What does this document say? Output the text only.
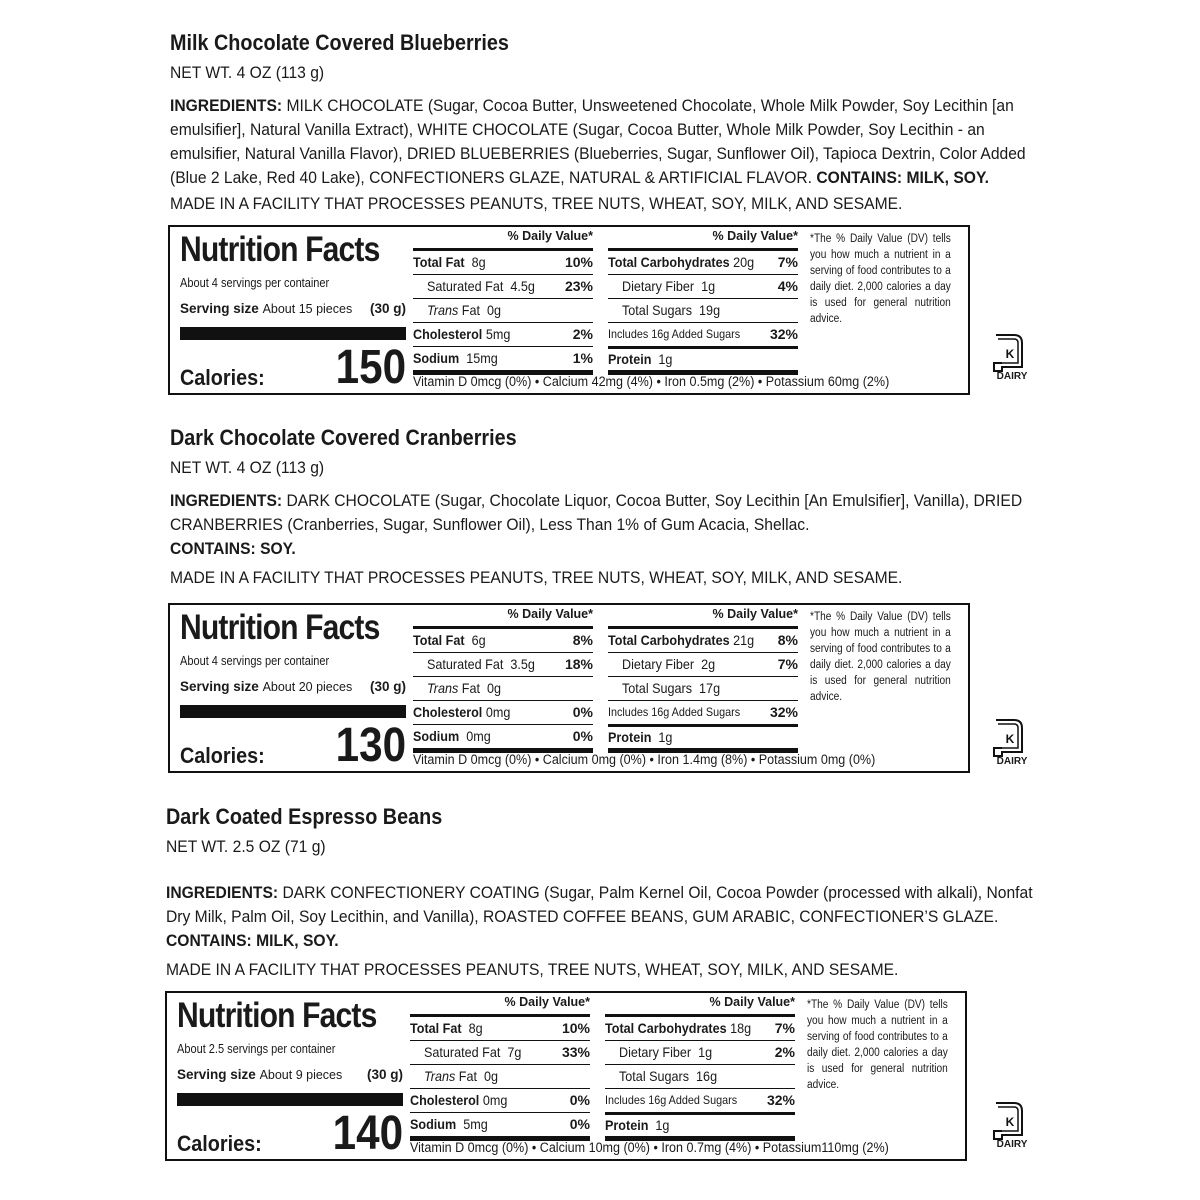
Milk Chocolate Covered Blueberries
NET WT. 4 OZ (113 g)
INGREDIENTS: MILK CHOCOLATE (Sugar, Cocoa Butter, Unsweetened Chocolate, Whole Milk Powder, Soy Lecithin [an emulsifier], Natural Vanilla Extract), WHITE CHOCOLATE (Sugar, Cocoa Butter, Whole Milk Powder, Soy Lecithin - an emulsifier, Natural Vanilla Flavor), DRIED BLUEBERRIES (Blueberries, Sugar, Sunflower Oil), Tapioca Dextrin, Color Added (Blue 2 Lake, Red 40 Lake), CONFECTIONERS GLAZE, NATURAL & ARTIFICIAL FLAVOR. CONTAINS: MILK, SOY.
MADE IN A FACILITY THAT PROCESSES PEANUTS, TREE NUTS, WHEAT, SOY, MILK, AND SESAME.
Nutrition Facts
About 4 servings per container
Serving size About 15 pieces (30 g)
Calories: 150
% Daily Value*
Total Fat 8g	10%
Saturated Fat 4.5g 23%
Trans Fat 0g
Cholesterol 5mg	2%
Sodium 15mg	1%
% Daily Value*
Total Carbohydrates 20g 7%
Dietary Fiber 1g	4%
Total Sugars 19g
Includes 16g Added Sugars 32%
Protein 1g
*The % Daily Value (DV) tells you how much a nutrient in a serving of food contributes to a daily diet. 2,000 calories a day is used for general nutrition advice.
Vitamin D 0mcg (0%) • Calcium 42mg (4%) • Iron 0.5mg (2%) • Potassium 60mg (2%)
K
DAIRY
Dark Chocolate Covered Cranberries
NET WT. 4 OZ (113 g)
INGREDIENTS: DARK CHOCOLATE (Sugar, Chocolate Liquor, Cocoa Butter, Soy Lecithin [An Emulsifier], Vanilla), DRIED CRANBERRIES (Cranberries, Sugar, Sunflower Oil), Less Than 1% of Gum Acacia, Shellac.
CONTAINS: SOY.
MADE IN A FACILITY THAT PROCESSES PEANUTS, TREE NUTS, WHEAT, SOY, MILK, AND SESAME.
Nutrition Facts
About 4 servings per container
Serving size About 20 pieces (30 g)
Calories: 130
% Daily Value*
Total Fat 6g	8%
Saturated Fat 3.5g 18%
Trans Fat 0g
Cholesterol 0mg	0%
Sodium 0mg	0%
% Daily Value*
Total Carbohydrates 21g 8%
Dietary Fiber 2g	7%
Total Sugars 17g
Includes 16g Added Sugars 32%
Protein 1g
*The % Daily Value (DV) tells you how much a nutrient in a serving of food contributes to a daily diet. 2,000 calories a day is used for general nutrition advice.
Vitamin D 0mcg (0%) • Calcium 0mg (0%) • Iron 1.4mg (8%) • Potassium 0mg (0%)
K
DAIRY
Dark Coated Espresso Beans
NET WT. 2.5 OZ (71 g)
INGREDIENTS: DARK CONFECTIONERY COATING (Sugar, Palm Kernel Oil, Cocoa Powder (processed with alkali), Nonfat Dry Milk, Palm Oil, Soy Lecithin, and Vanilla), ROASTED COFFEE BEANS, GUM ARABIC, CONFECTIONER’S GLAZE.
CONTAINS: MILK, SOY.
MADE IN A FACILITY THAT PROCESSES PEANUTS, TREE NUTS, WHEAT, SOY, MILK, AND SESAME.
Nutrition Facts
About 2.5 servings per container
Serving size About 9 pieces (30 g)
Calories: 140
% Daily Value*
Total Fat 8g	10%
Saturated Fat 7g	33%
Trans Fat 0g
Cholesterol 0mg	0%
Sodium 5mg	0%
% Daily Value*
Total Carbohydrates 18g 7%
Dietary Fiber 1g	2%
Total Sugars 16g
Includes 16g Added Sugars 32%
Protein 1g
*The % Daily Value (DV) tells you how much a nutrient in a serving of food contributes to a daily diet. 2,000 calories a day is used for general nutrition advice.
Vitamin D 0mcg (0%) • Calcium 10mg (0%) • Iron 0.7mg (4%) • Potassium110mg (2%)
K
DAIRY
